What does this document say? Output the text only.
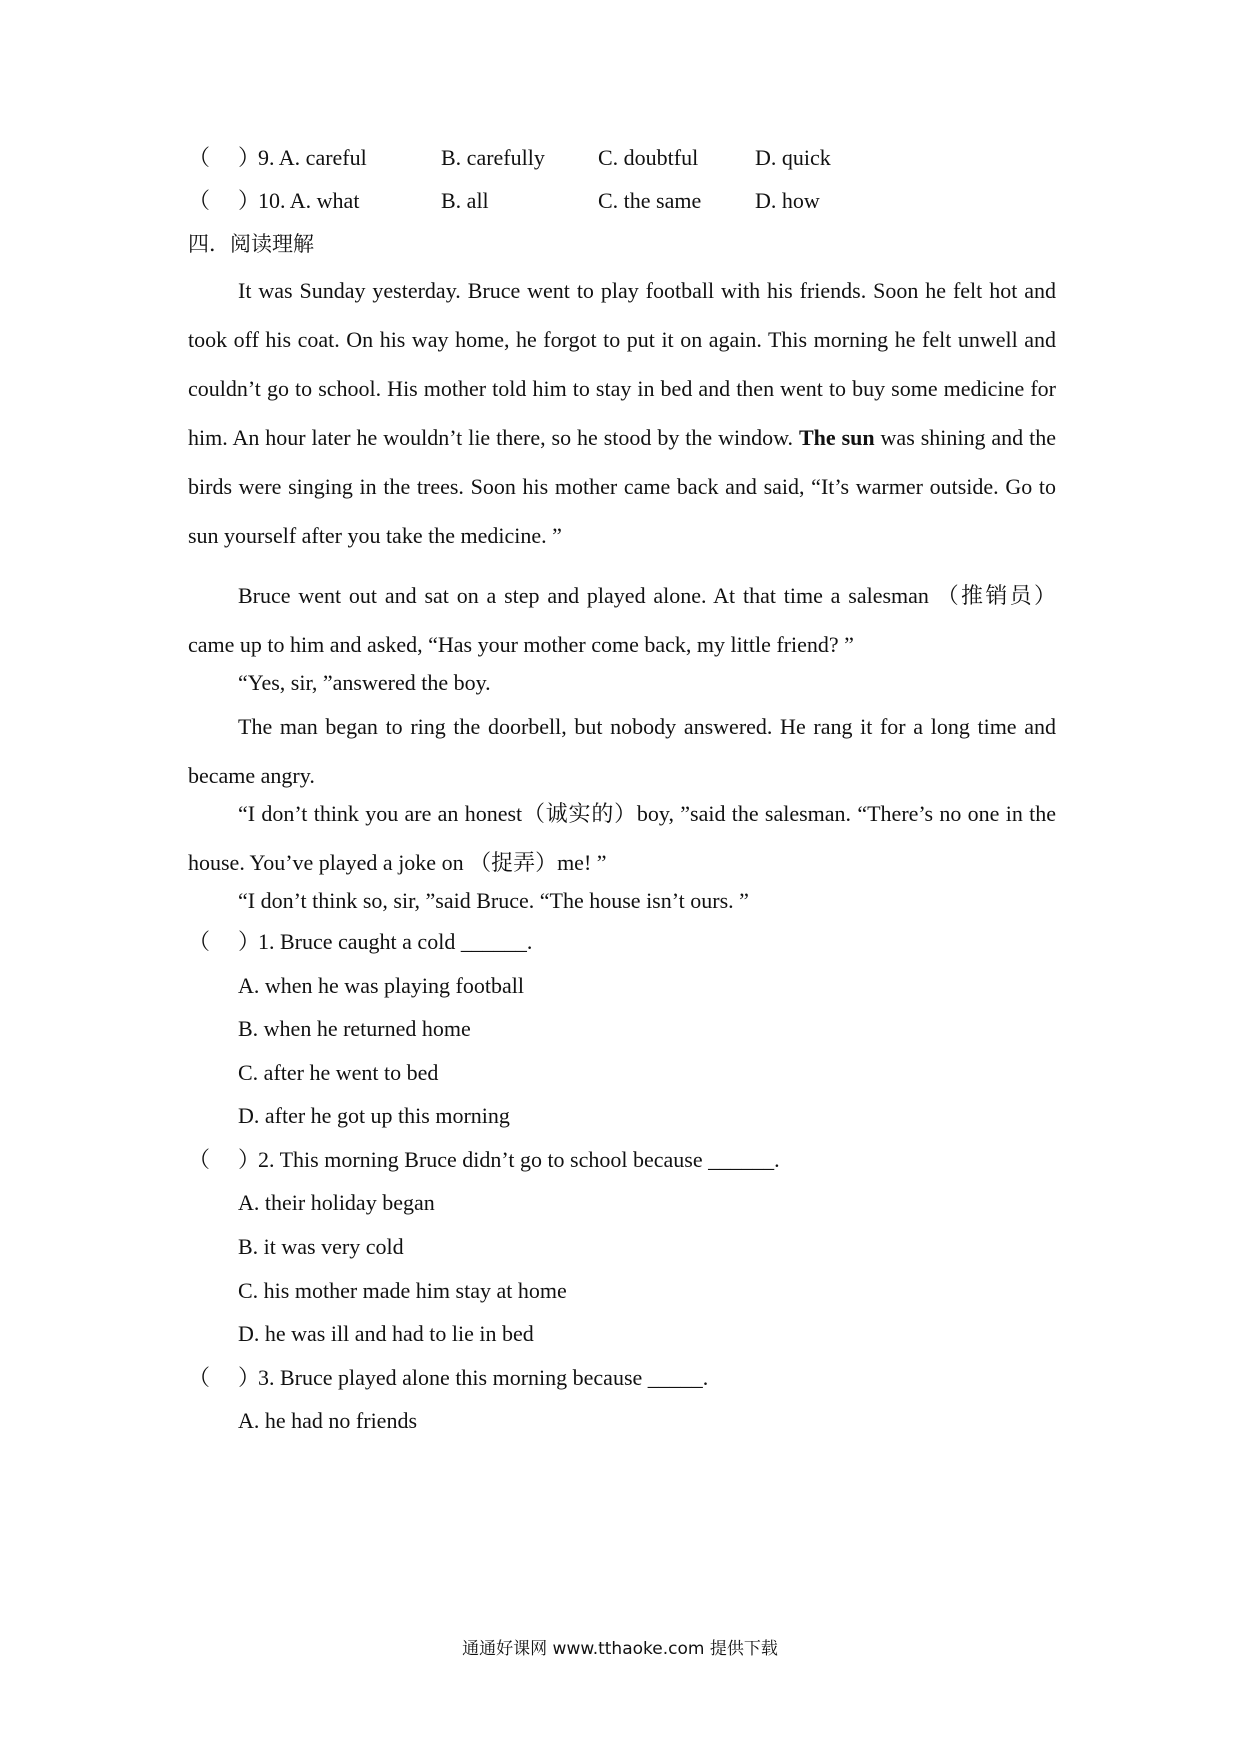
（ ）
9. A. careful	B. carefully C. doubtful	D. quick
（ ）
10. A. what	B. all	C. the same D. how
四．阅读理解
It was Sunday yesterday. Bruce went to play football with his friends. Soon he felt hot and took off his coat. On his way home, he forgot to put it on again. This morning he felt unwell and couldn’t go to school. His mother told him to stay in bed and then went to buy some medicine for him. An hour later he wouldn’t lie there, so he stood by the window. The sun was shining and the birds were singing in the trees. Soon his mother came back and said, “It’s warmer outside. Go to sun yourself after you take the medicine. ”
Bruce went out and sat on a step and played alone. At that time a salesman （推销员）came up to him and asked, “Has your mother come back, my little friend? ”
“Yes, sir, ”answered the boy.
The man began to ring the doorbell, but nobody answered. He rang it for a long time and became angry.
“I don’t think you are an honest（诚实的）boy, ”said the salesman. “There’s no one in the house. You’ve played a joke on （捉弄）me! ”
“I don’t think so, sir, ”said Bruce. “The house isn’t ours. ”
（ ）
1. Bruce caught a cold ______.
A. when he was playing football
B. when he returned home
C. after he went to bed
D. after he got up this morning
（ ）
2. This morning Bruce didn’t go to school because ______.
A. their holiday began
B. it was very cold
C. his mother made him stay at home
D. he was ill and had to lie in bed
（ ）
3. Bruce played alone this morning because _____.
A. he had no friends
通通好课网 www.tthaoke.com 提供下载
